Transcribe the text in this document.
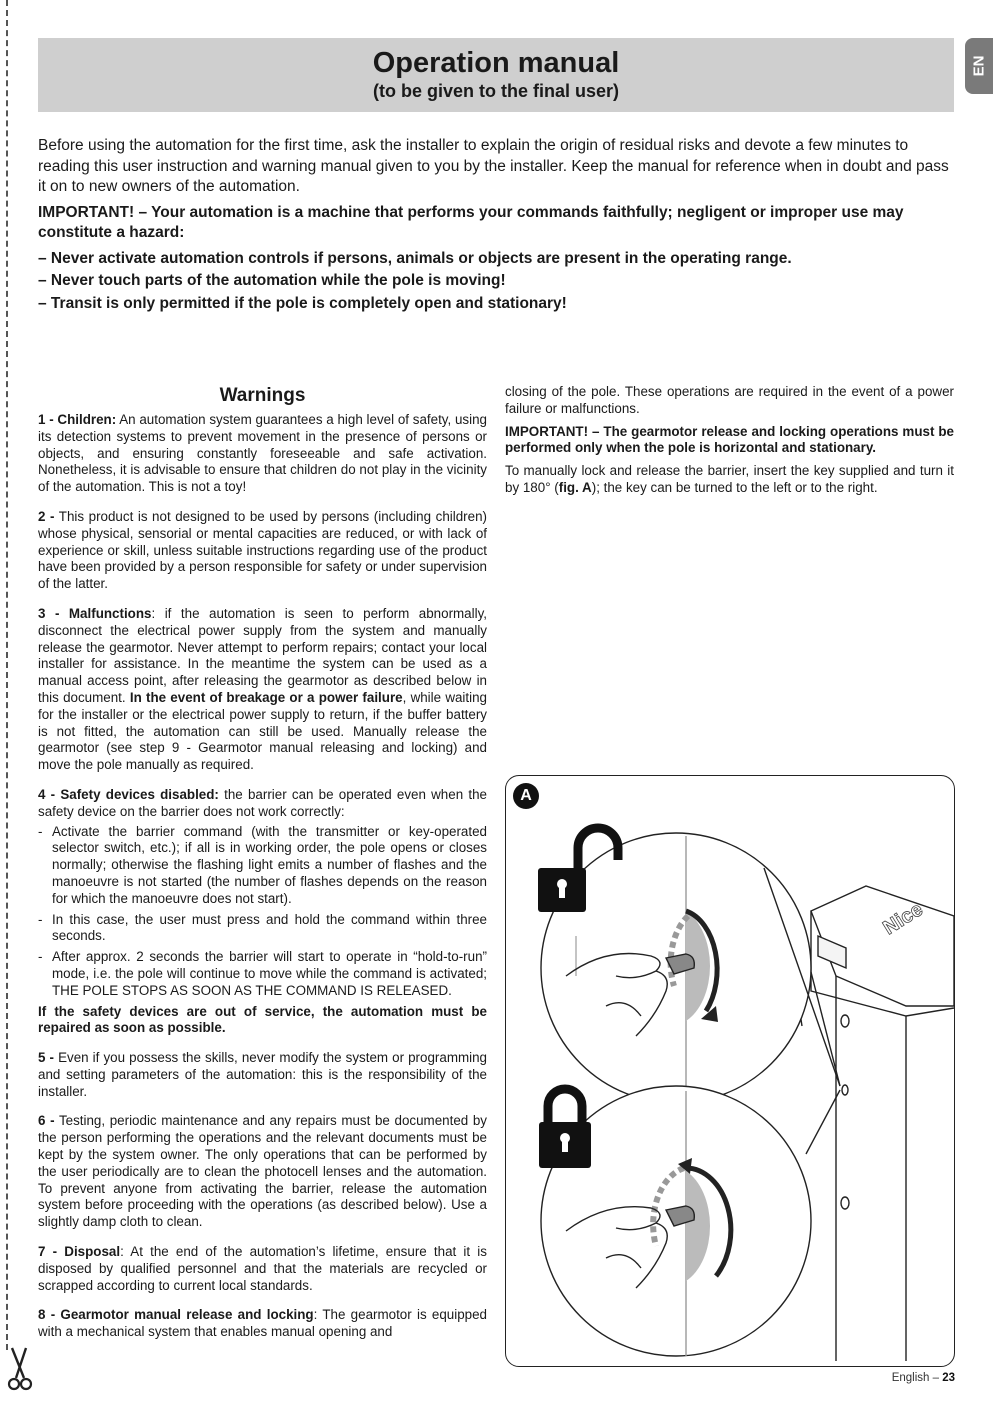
Operation manual
(to be given to the final user)
EN

Before using the automation for the first time, ask the installer to explain the origin of residual risks and devote a few minutes to reading this user instruction and warning manual given to you by the installer. Keep the manual for reference when in doubt and pass it on to new owners of the automation.

IMPORTANT! – Your automation is a machine that performs your commands faithfully; negligent or improper use may constitute a hazard:

– Never activate automation controls if persons, animals or objects are present in the operating range.

– Never touch parts of the automation while the pole is moving!

– Transit is only permitted if the pole is completely open and stationary!

Warnings

1 - Children: An automation system guarantees a high level of safety, using its detection systems to prevent movement in the presence of persons or objects, and ensuring constantly foreseeable and safe activation. Nonetheless, it is advisable to ensure that children do not play in the vicinity of the automation. This is not a toy!

2 - This product is not designed to be used by persons (including children) whose physical, sensorial or mental capacities are reduced, or with lack of experience or skill, unless suitable instructions regarding use of the product have been provided by a person responsible for safety or under supervision of the latter.

3 - Malfunctions: if the automation is seen to perform abnormally, disconnect the electrical power supply from the system and manually release the gearmotor. Never attempt to perform repairs; contact your local installer for assistance. In the meantime the system can be used as a manual access point, after releasing the gearmotor as described below in this document. In the event of breakage or a power failure, while waiting for the installer or the electrical power supply to return, if the buffer battery is not fitted, the automation can still be used. Manually release the gearmotor (see step 9 - Gearmotor manual releasing and locking) and move the pole manually as required.

4 - Safety devices disabled: the barrier can be operated even when the safety device on the barrier does not work correctly:

- Activate the barrier command (with the transmitter or key-operated selector switch, etc.); if all is in working order, the pole opens or closes normally; otherwise the flashing light emits a number of flashes and the manoeuvre is not started (the number of flashes depends on the reason for which the manoeuvre does not start).
- In this case, the user must press and hold the command within three seconds.
- After approx. 2 seconds the barrier will start to operate in “hold-to-run” mode, i.e. the pole will continue to move while the command is activated; THE POLE STOPS AS SOON AS THE COMMAND IS RELEASED.

If the safety devices are out of service, the automation must be repaired as soon as possible.

5 - Even if you possess the skills, never modify the system or programming and setting parameters of the automation: this is the responsibility of the installer.

6 - Testing, periodic maintenance and any repairs must be documented by the person performing the operations and the relevant documents must be kept by the system owner. The only operations that can be performed by the user periodically are to clean the photocell lenses and the automation. To prevent anyone from activating the barrier, release the automation system before proceeding with the operations (as described below). Use a slightly damp cloth to clean.

7 - Disposal: At the end of the automation’s lifetime, ensure that it is disposed by qualified personnel and that the materials are recycled or scrapped according to current local standards.

8 - Gearmotor manual release and locking: The gearmotor is equipped with a mechanical system that enables manual opening and

closing of the pole. These operations are required in the event of a power failure or malfunctions.

IMPORTANT! – The gearmotor release and locking operations must be performed only when the pole is horizontal and stationary.

To manually lock and release the barrier, insert the key supplied and turn it by 180° (fig. A); the key can be turned to the left or to the right.

A
Nice
English – 23
